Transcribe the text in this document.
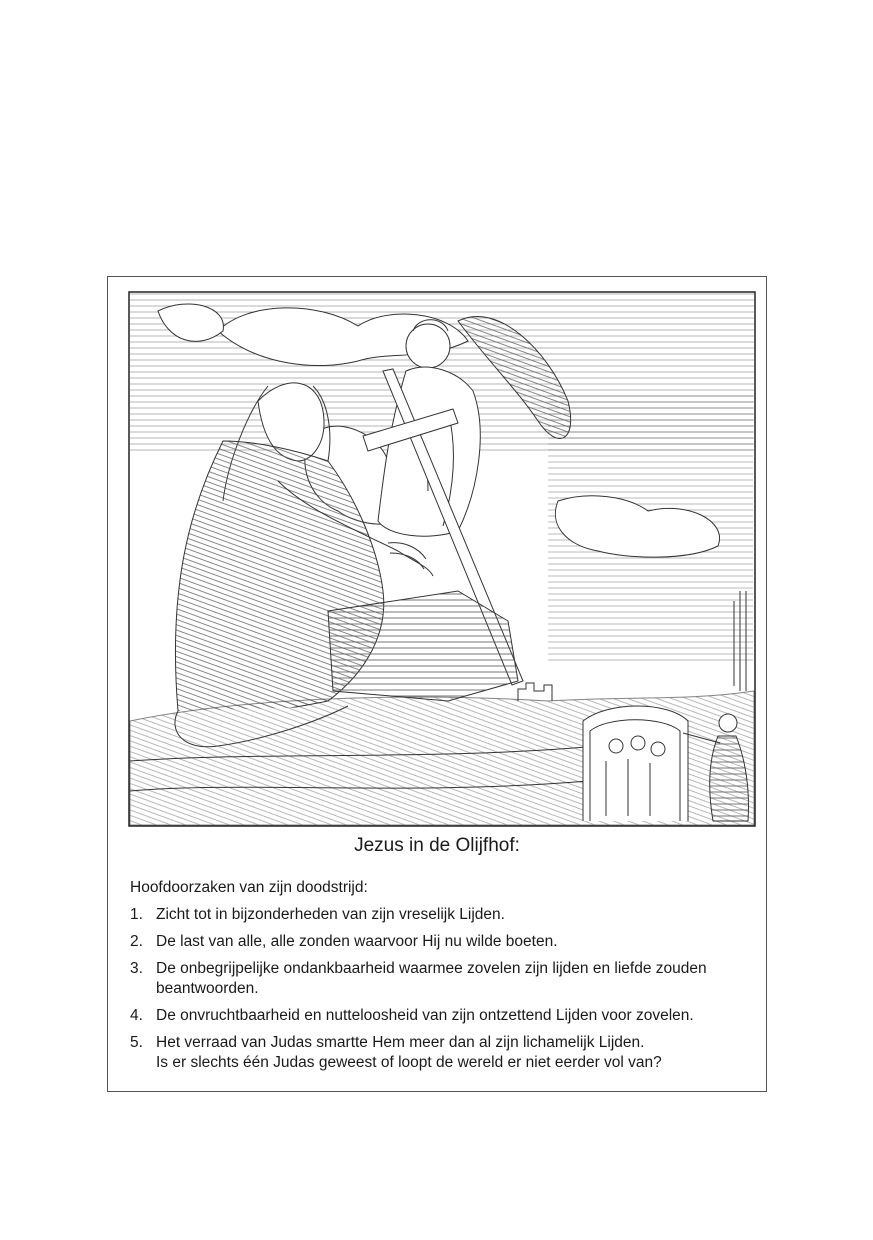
Jezus in de Olijfhof:

Hoofdoorzaken van zijn doodstrijd:

1. Zicht tot in bijzonderheden van zijn vreselijk Lijden.
2. De last van alle, alle zonden waarvoor Hij nu wilde boeten.
3. De onbegrijpelijke ondankbaarheid waarmee zovelen zijn lijden en liefde zouden
beantwoorden.
4. De onvruchtbaarheid en nutteloosheid van zijn ontzettend Lijden voor zovelen.
5. Het verraad van Judas smartte Hem meer dan al zijn lichamelijk Lijden.
Is er slechts één Judas geweest of loopt de wereld er niet eerder vol van?
